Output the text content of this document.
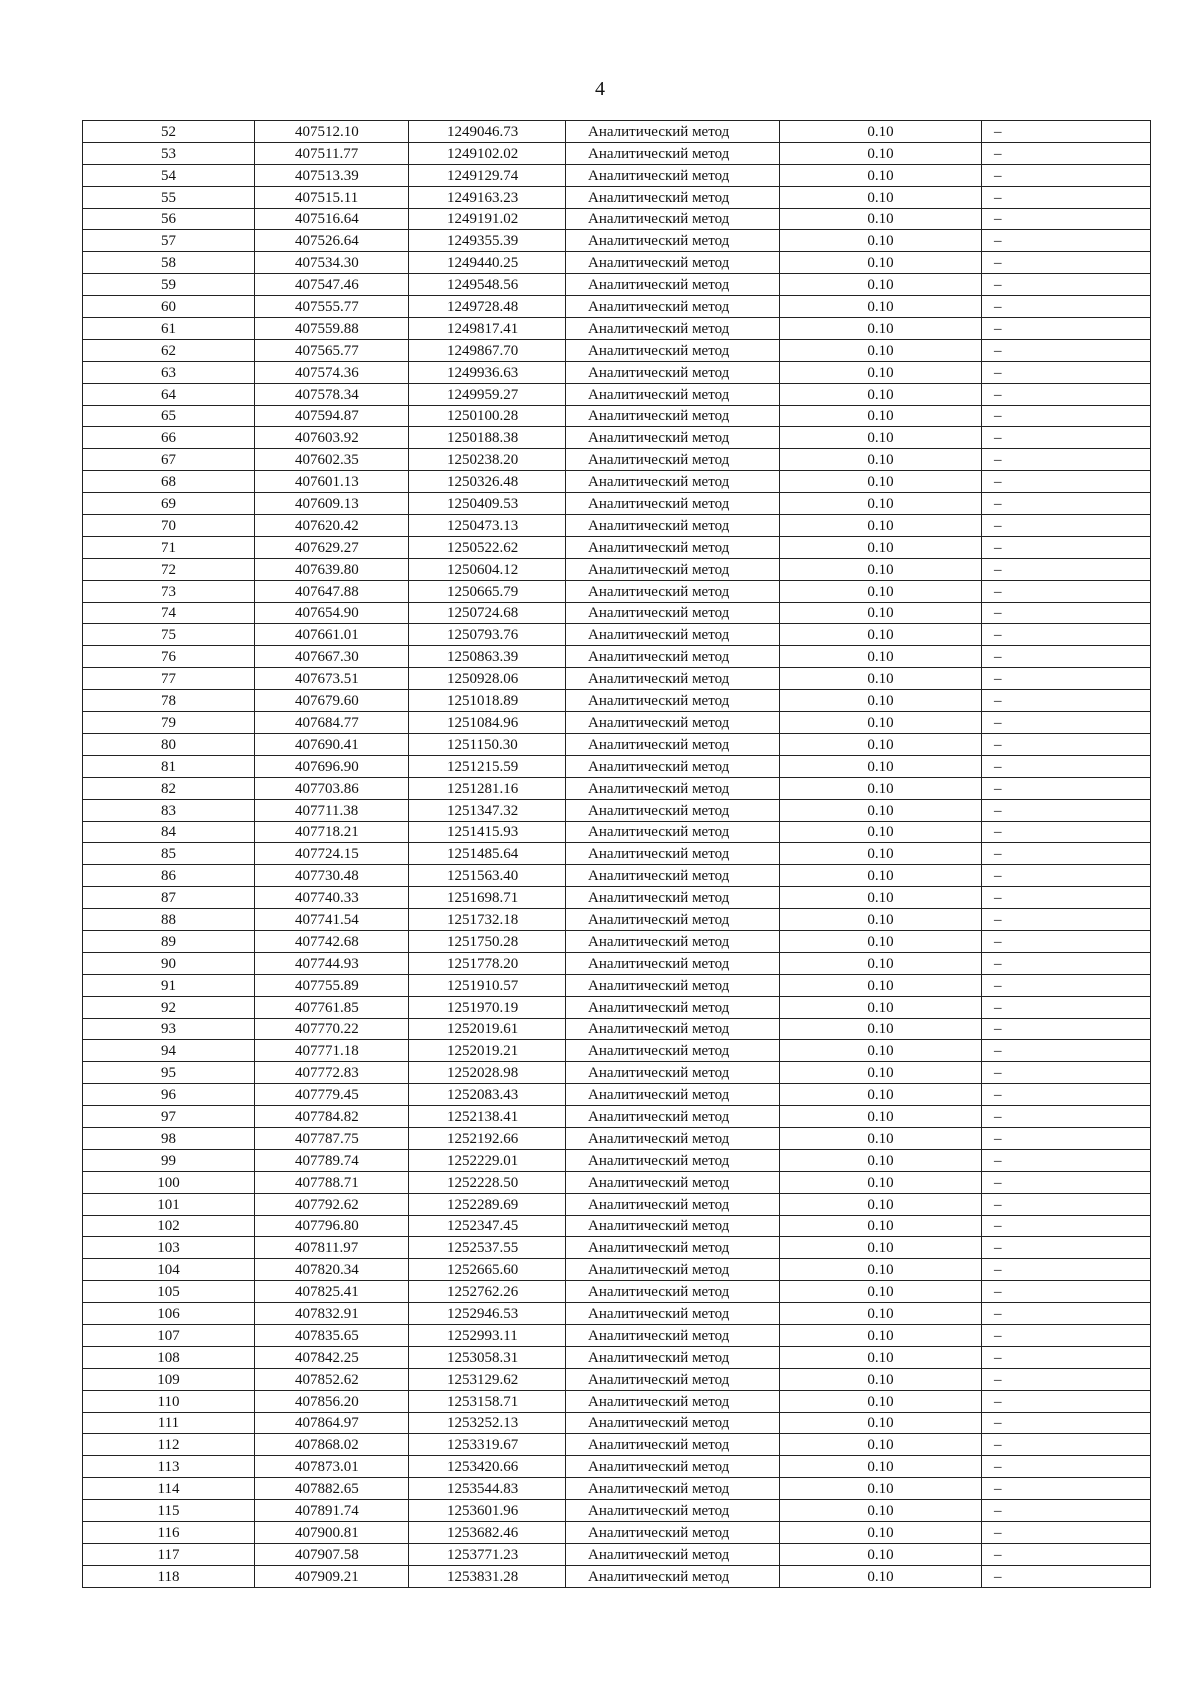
4
52	407512.10	1249046.73	Аналитический метод	0.10	–
53	407511.77	1249102.02	Аналитический метод	0.10	–
54	407513.39	1249129.74	Аналитический метод	0.10	–
55	407515.11	1249163.23	Аналитический метод	0.10	–
56	407516.64	1249191.02	Аналитический метод	0.10	–
57	407526.64	1249355.39	Аналитический метод	0.10	–
58	407534.30	1249440.25	Аналитический метод	0.10	–
59	407547.46	1249548.56	Аналитический метод	0.10	–
60	407555.77	1249728.48	Аналитический метод	0.10	–
61	407559.88	1249817.41	Аналитический метод	0.10	–
62	407565.77	1249867.70	Аналитический метод	0.10	–
63	407574.36	1249936.63	Аналитический метод	0.10	–
64	407578.34	1249959.27	Аналитический метод	0.10	–
65	407594.87	1250100.28	Аналитический метод	0.10	–
66	407603.92	1250188.38	Аналитический метод	0.10	–
67	407602.35	1250238.20	Аналитический метод	0.10	–
68	407601.13	1250326.48	Аналитический метод	0.10	–
69	407609.13	1250409.53	Аналитический метод	0.10	–
70	407620.42	1250473.13	Аналитический метод	0.10	–
71	407629.27	1250522.62	Аналитический метод	0.10	–
72	407639.80	1250604.12	Аналитический метод	0.10	–
73	407647.88	1250665.79	Аналитический метод	0.10	–
74	407654.90	1250724.68	Аналитический метод	0.10	–
75	407661.01	1250793.76	Аналитический метод	0.10	–
76	407667.30	1250863.39	Аналитический метод	0.10	–
77	407673.51	1250928.06	Аналитический метод	0.10	–
78	407679.60	1251018.89	Аналитический метод	0.10	–
79	407684.77	1251084.96	Аналитический метод	0.10	–
80	407690.41	1251150.30	Аналитический метод	0.10	–
81	407696.90	1251215.59	Аналитический метод	0.10	–
82	407703.86	1251281.16	Аналитический метод	0.10	–
83	407711.38	1251347.32	Аналитический метод	0.10	–
84	407718.21	1251415.93	Аналитический метод	0.10	–
85	407724.15	1251485.64	Аналитический метод	0.10	–
86	407730.48	1251563.40	Аналитический метод	0.10	–
87	407740.33	1251698.71	Аналитический метод	0.10	–
88	407741.54	1251732.18	Аналитический метод	0.10	–
89	407742.68	1251750.28	Аналитический метод	0.10	–
90	407744.93	1251778.20	Аналитический метод	0.10	–
91	407755.89	1251910.57	Аналитический метод	0.10	–
92	407761.85	1251970.19	Аналитический метод	0.10	–
93	407770.22	1252019.61	Аналитический метод	0.10	–
94	407771.18	1252019.21	Аналитический метод	0.10	–
95	407772.83	1252028.98	Аналитический метод	0.10	–
96	407779.45	1252083.43	Аналитический метод	0.10	–
97	407784.82	1252138.41	Аналитический метод	0.10	–
98	407787.75	1252192.66	Аналитический метод	0.10	–
99	407789.74	1252229.01	Аналитический метод	0.10	–
100	407788.71	1252228.50	Аналитический метод	0.10	–
101	407792.62	1252289.69	Аналитический метод	0.10	–
102	407796.80	1252347.45	Аналитический метод	0.10	–
103	407811.97	1252537.55	Аналитический метод	0.10	–
104	407820.34	1252665.60	Аналитический метод	0.10	–
105	407825.41	1252762.26	Аналитический метод	0.10	–
106	407832.91	1252946.53	Аналитический метод	0.10	–
107	407835.65	1252993.11	Аналитический метод	0.10	–
108	407842.25	1253058.31	Аналитический метод	0.10	–
109	407852.62	1253129.62	Аналитический метод	0.10	–
110	407856.20	1253158.71	Аналитический метод	0.10	–
111	407864.97	1253252.13	Аналитический метод	0.10	–
112	407868.02	1253319.67	Аналитический метод	0.10	–
113	407873.01	1253420.66	Аналитический метод	0.10	–
114	407882.65	1253544.83	Аналитический метод	0.10	–
115	407891.74	1253601.96	Аналитический метод	0.10	–
116	407900.81	1253682.46	Аналитический метод	0.10	–
117	407907.58	1253771.23	Аналитический метод	0.10	–
118	407909.21	1253831.28	Аналитический метод	0.10	–
